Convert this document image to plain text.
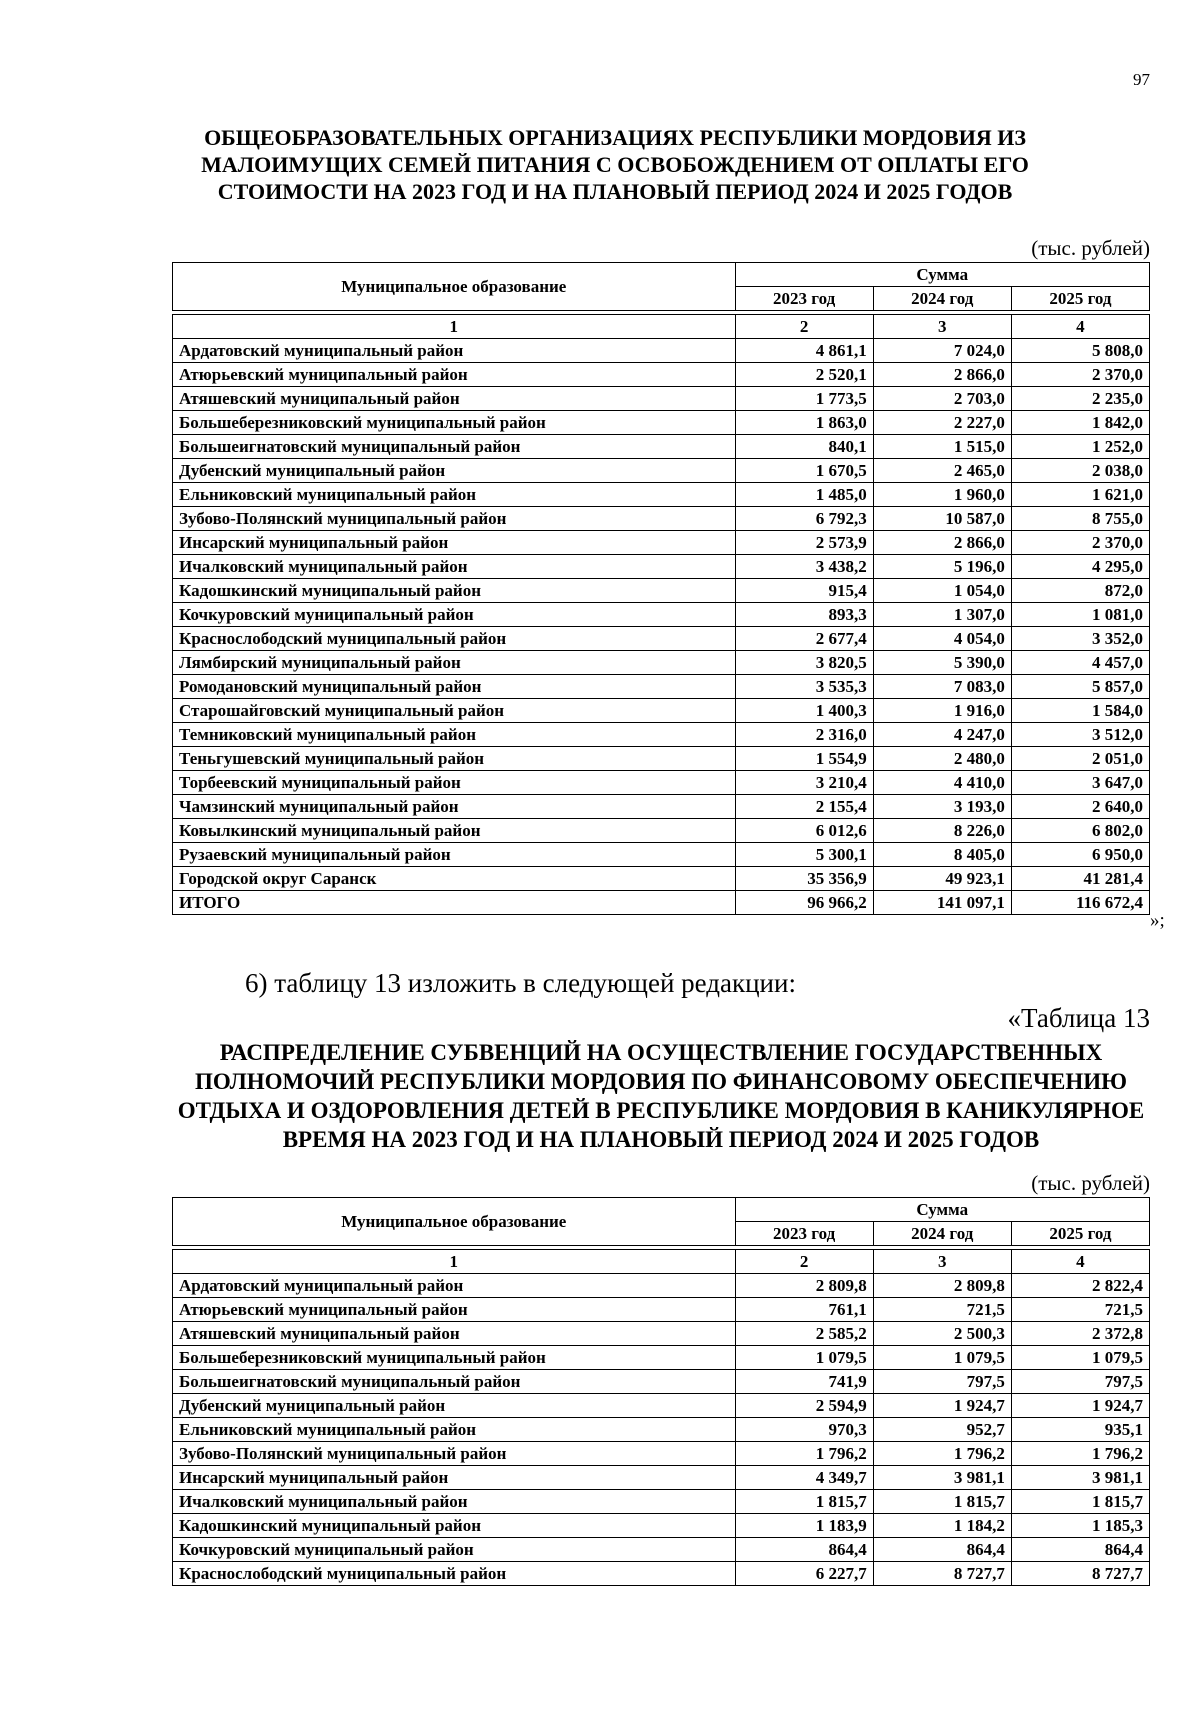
97
ОБЩЕОБРАЗОВАТЕЛЬНЫХ ОРГАНИЗАЦИЯХ РЕСПУБЛИКИ МОРДОВИЯ ИЗ МАЛОИМУЩИХ СЕМЕЙ ПИТАНИЯ С ОСВОБОЖДЕНИЕМ ОТ ОПЛАТЫ ЕГО СТОИМОСТИ НА 2023 ГОД И НА ПЛАНОВЫЙ ПЕРИОД 2024 И 2025 ГОДОВ
(тыс. рублей)
Муниципальное образование	Сумма		
	2023 год	2024 год	2025 год

1	2	3	4
Ардатовский муниципальный район	4 861,1	7 024,0	5 808,0
Атюрьевский муниципальный район	2 520,1	2 866,0	2 370,0
Атяшевский муниципальный район	1 773,5	2 703,0	2 235,0
Большеберезниковский муниципальный район	1 863,0	2 227,0	1 842,0
Большеигнатовский муниципальный район	840,1	1 515,0	1 252,0
Дубенский муниципальный район	1 670,5	2 465,0	2 038,0
Ельниковский муниципальный район	1 485,0	1 960,0	1 621,0
Зубово-Полянский муниципальный район	6 792,3	10 587,0	8 755,0
Инсарский муниципальный район	2 573,9	2 866,0	2 370,0
Ичалковский муниципальный район	3 438,2	5 196,0	4 295,0
Кадошкинский муниципальный район	915,4	1 054,0	872,0
Кочкуровский муниципальный район	893,3	1 307,0	1 081,0
Краснослободский муниципальный район	2 677,4	4 054,0	3 352,0
Лямбирский муниципальный район	3 820,5	5 390,0	4 457,0
Ромодановский муниципальный район	3 535,3	7 083,0	5 857,0
Старошайговский муниципальный район	1 400,3	1 916,0	1 584,0
Темниковский муниципальный район	2 316,0	4 247,0	3 512,0
Теньгушевский муниципальный район	1 554,9	2 480,0	2 051,0
Торбеевский муниципальный район	3 210,4	4 410,0	3 647,0
Чамзинский муниципальный район	2 155,4	3 193,0	2 640,0
Ковылкинский муниципальный район	6 012,6	8 226,0	6 802,0
Рузаевский муниципальный район	5 300,1	8 405,0	6 950,0
Городской округ Саранск	35 356,9	49 923,1	41 281,4
ИТОГО	96 966,2	141 097,1	116 672,4
»;
6) таблицу 13 изложить в следующей редакции:
«Таблица 13
РАСПРЕДЕЛЕНИЕ СУБВЕНЦИЙ НА ОСУЩЕСТВЛЕНИЕ ГОСУДАРСТВЕННЫХ ПОЛНОМОЧИЙ РЕСПУБЛИКИ МОРДОВИЯ ПО ФИНАНСОВОМУ ОБЕСПЕЧЕНИЮ ОТДЫХА И ОЗДОРОВЛЕНИЯ ДЕТЕЙ В РЕСПУБЛИКЕ МОРДОВИЯ В КАНИКУЛЯРНОЕ ВРЕМЯ НА 2023 ГОД И НА ПЛАНОВЫЙ ПЕРИОД 2024 И 2025 ГОДОВ
(тыс. рублей)
Муниципальное образование	Сумма		
	2023 год	2024 год	2025 год

1	2	3	4
Ардатовский муниципальный район	2 809,8	2 809,8	2 822,4
Атюрьевский муниципальный район	761,1	721,5	721,5
Атяшевский муниципальный район	2 585,2	2 500,3	2 372,8
Большеберезниковский муниципальный район	1 079,5	1 079,5	1 079,5
Большеигнатовский муниципальный район	741,9	797,5	797,5
Дубенский муниципальный район	2 594,9	1 924,7	1 924,7
Ельниковский муниципальный район	970,3	952,7	935,1
Зубово-Полянский муниципальный район	1 796,2	1 796,2	1 796,2
Инсарский муниципальный район	4 349,7	3 981,1	3 981,1
Ичалковский муниципальный район	1 815,7	1 815,7	1 815,7
Кадошкинский муниципальный район	1 183,9	1 184,2	1 185,3
Кочкуровский муниципальный район	864,4	864,4	864,4
Краснослободский муниципальный район	6 227,7	8 727,7	8 727,7
